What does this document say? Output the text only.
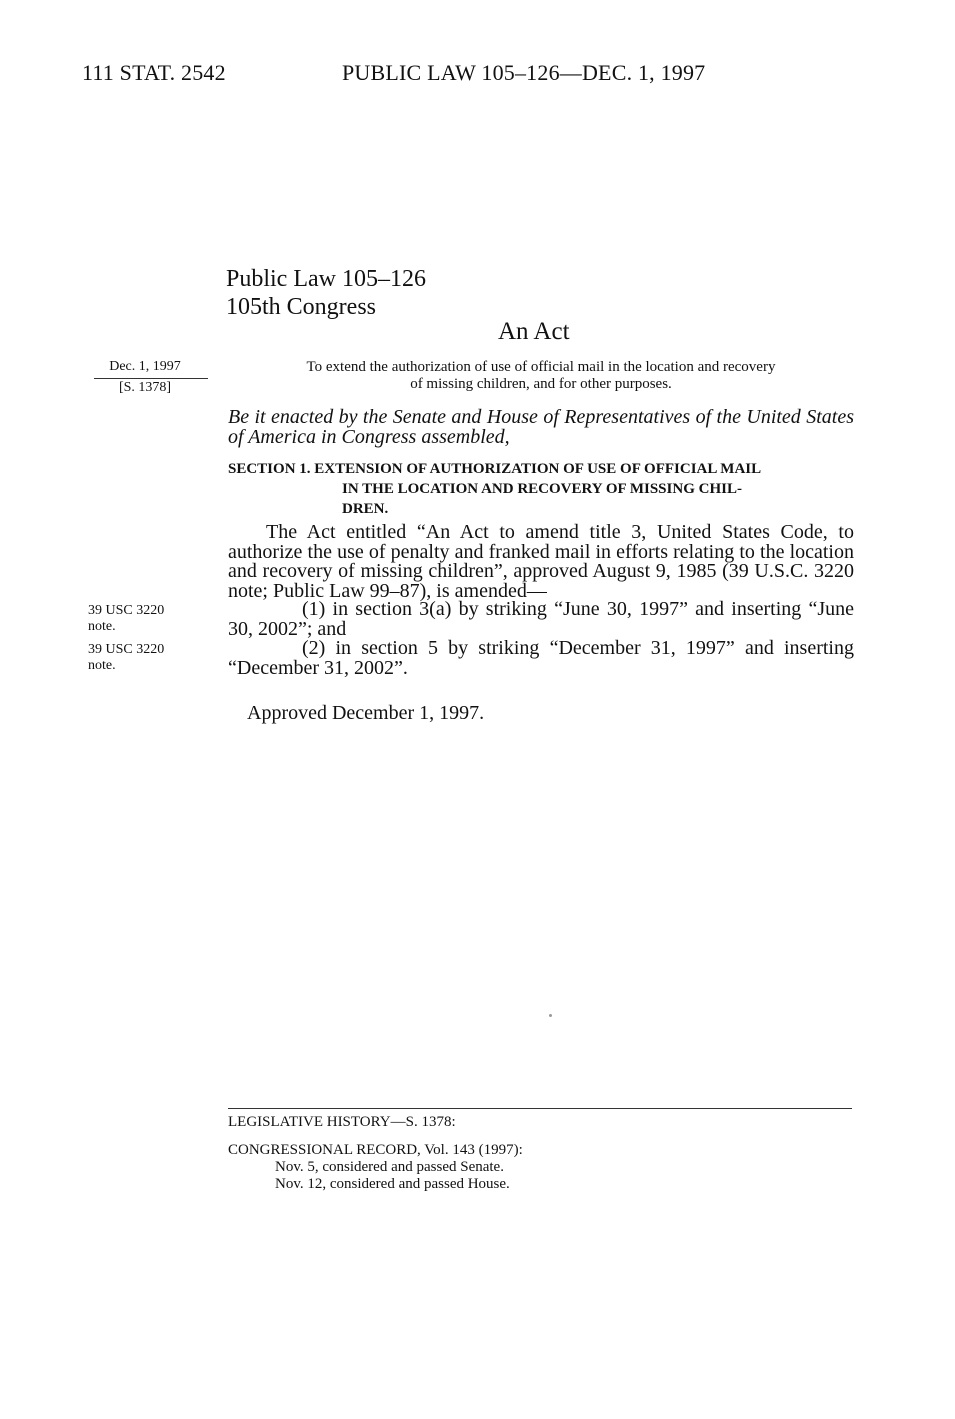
111 STAT. 2542	PUBLIC LAW 105–126—DEC. 1, 1997
Public Law 105–126
105th Congress
An Act
Dec. 1, 1997
[S. 1378]
To extend the authorization of use of official mail in the location and recovery
of missing children, and for other purposes.

Be it enacted by the Senate and House of Representatives of the United States of America in Congress assembled,

SECTION 1. EXTENSION OF AUTHORIZATION OF USE OF OFFICIAL MAIL
IN THE LOCATION AND RECOVERY OF MISSING CHIL-
DREN.

The Act entitled “An Act to amend title 3, United States Code, to authorize the use of penalty and franked mail in efforts relating to the location and recovery of missing children”, approved August 9, 1985 (39 U.S.C. 3220 note; Public Law 99–87), is amended—

39 USC 3220
note.

(1) in section 3(a) by striking “June 30, 1997” and inserting “June 30, 2002”; and

39 USC 3220
note.

(2) in section 5 by striking “December 31, 1997” and inserting “December 31, 2002”.

Approved December 1, 1997.
LEGISLATIVE HISTORY—S. 1378:
CONGRESSIONAL RECORD, Vol. 143 (1997):
Nov. 5, considered and passed Senate.
Nov. 12, considered and passed House.
